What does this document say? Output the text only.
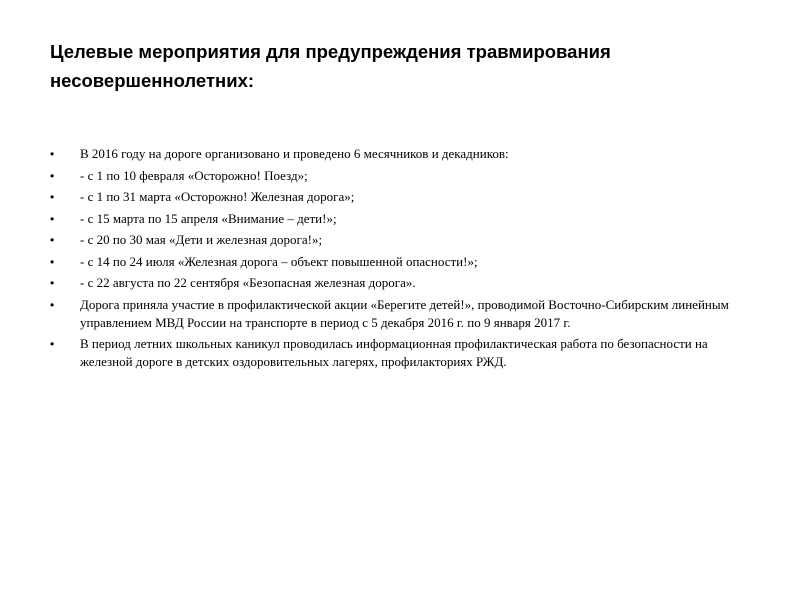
Целевые мероприятия для предупреждения травмирования
несовершеннолетних:
•	В 2016 году на дороге организовано и проведено 6 месячников и декадников:
•	- с 1 по 10 февраля «Осторожно! Поезд»;
•	- с 1 по 31 марта «Осторожно! Железная дорога»;
•	- с 15 марта по 15 апреля «Внимание – дети!»;
•	- с 20 по 30 мая «Дети и железная дорога!»;
•	- с 14 по 24 июля «Железная дорога – объект повышенной опасности!»;
•	- с 22 августа по 22 сентября «Безопасная железная дорога».
•	Дорога приняла участие в профилактической акции «Берегите детей!», проводимой Восточно-Сибирским линейным управлением МВД России на транспорте в период с 5 декабря 2016 г. по 9 января 2017 г.
•	В период летних школьных каникул проводилась информационная профилактическая работа по безопасности на железной дороге в детских оздоровительных лагерях, профилакториях РЖД.
